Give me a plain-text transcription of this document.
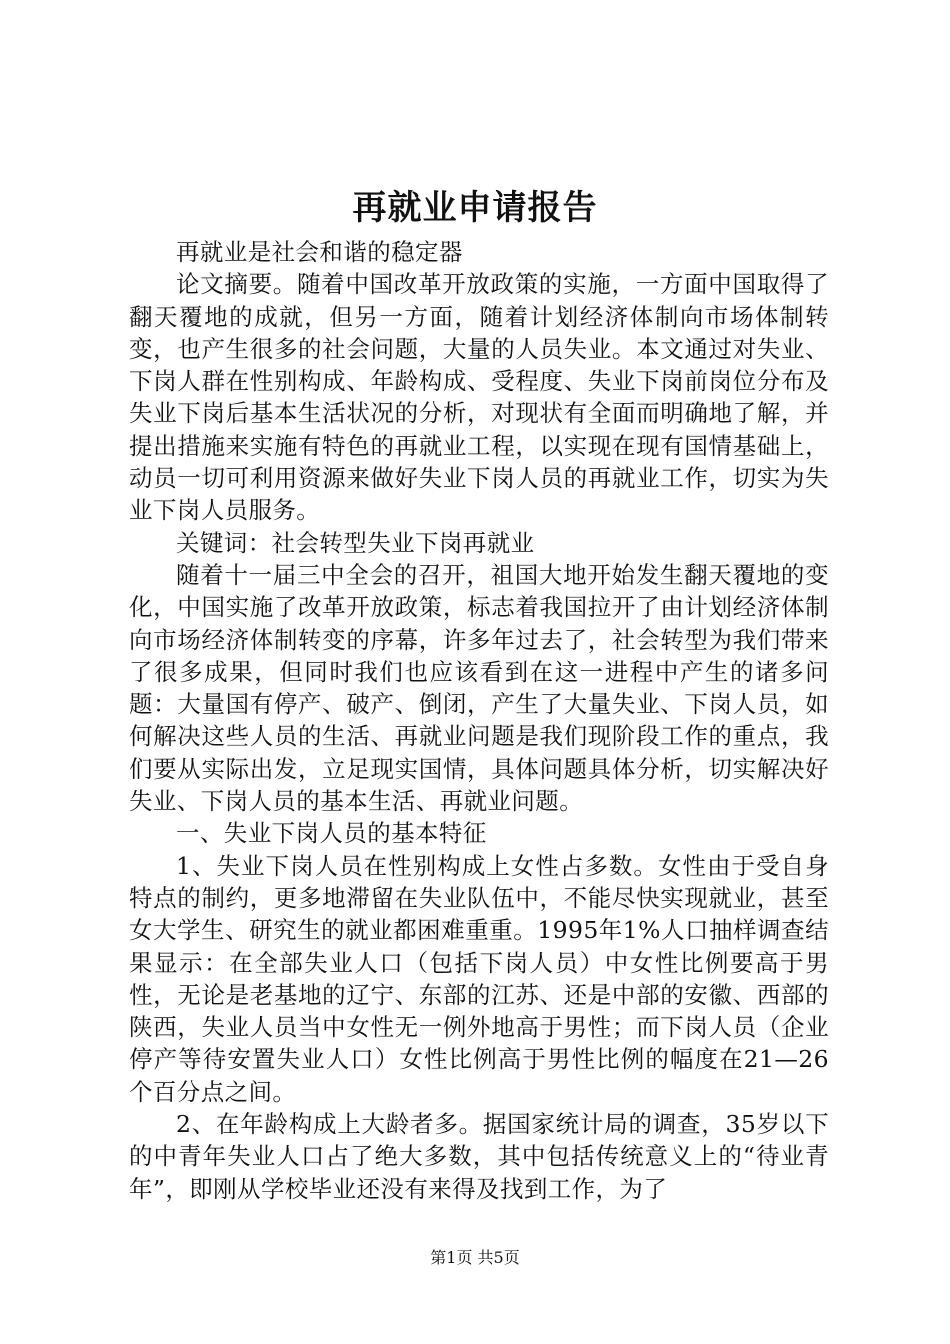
再就业申请报告

再就业是社会和谐的稳定器

论文摘要。随着中国改革开放政策的实施，一方面中国取得了翻天覆地的成就，但另一方面，随着计划经济体制向市场体制转变，也产生很多的社会问题，大量的人员失业。本文通过对失业、下岗人群在性别构成、年龄构成、受程度、失业下岗前岗位分布及失业下岗后基本生活状况的分析，对现状有全面而明确地了解，并提出措施来实施有特色的再就业工程，以实现在现有国情基础上，动员一切可利用资源来做好失业下岗人员的再就业工作，切实为失业下岗人员服务。

关键词：社会转型失业下岗再就业

随着十一届三中全会的召开，祖国大地开始发生翻天覆地的变化，中国实施了改革开放政策，标志着我国拉开了由计划经济体制向市场经济体制转变的序幕，许多年过去了，社会转型为我们带来了很多成果，但同时我们也应该看到在这一进程中产生的诸多问题：大量国有停产、破产、倒闭，产生了大量失业、下岗人员，如何解决这些人员的生活、再就业问题是我们现阶段工作的重点，我们要从实际出发，立足现实国情，具体问题具体分析，切实解决好失业、下岗人员的基本生活、再就业问题。

一、失业下岗人员的基本特征

1、失业下岗人员在性别构成上女性占多数。女性由于受自身特点的制约，更多地滞留在失业队伍中，不能尽快实现就业，甚至女大学生、研究生的就业都困难重重。1995年1%人口抽样调查结果显示：在全部失业人口（包括下岗人员）中女性比例要高于男性，无论是老基地的辽宁、东部的江苏、还是中部的安徽、西部的陕西，失业人员当中女性无一例外地高于男性；而下岗人员（企业停产等待安置失业人口）女性比例高于男性比例的幅度在21—26个百分点之间。

2、在年龄构成上大龄者多。据国家统计局的调查，35岁以下的中青年失业人口占了绝大多数，其中包括传统意义上的“待业青年”，即刚从学校毕业还没有来得及找到工作，为了

第1页 共5页
